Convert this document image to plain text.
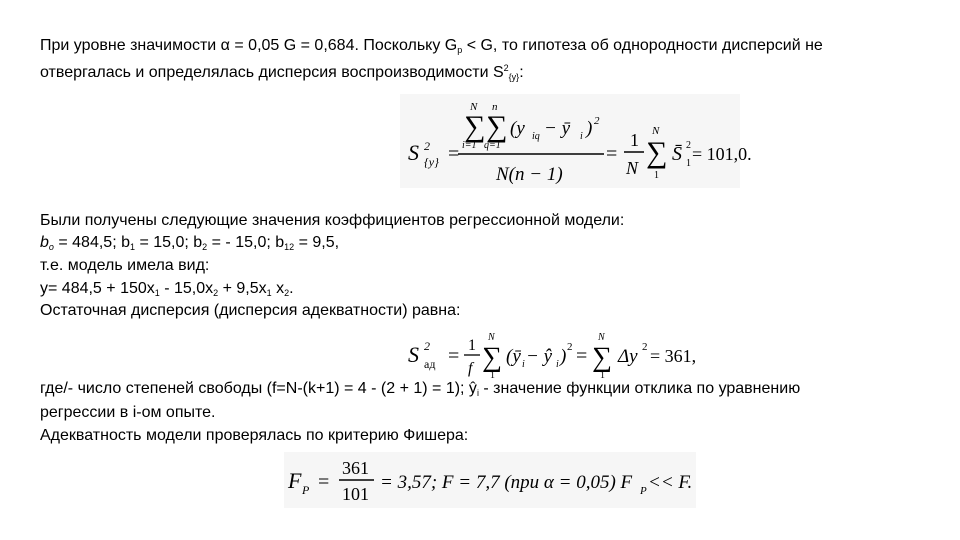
При уровне значимости α = 0,05 G = 0,684. Поскольку $G_р < G$, то гипотеза об однородности дисперсий не
отвергалась и определялась дисперсия воспроизводимости $S^2_{\{y\}}$:
S 2
{y} =
N
∑
i=1
n
∑
q=1
(y iq − ȳ i ) 2
N(n − 1)
=
1
N
N
∑
1
S̄ 1
2 = 101,0.
Были получены следующие значения коэффициентов регрессионной модели:
$b_o = 484,5$; $b_1 = 15,0$; $b_2$ = - 15,0; $b_{12} = 9,5$,
т.е. модель имела вид:
$y= 484,5 + 150x_1 - 15,0x_2 + 9,5x_1$ $x_2$.
Остаточная дисперсия (дисперсия адекватности) равна:
S 2
ад = 1
f
N
∑
1
(ȳ i − ŷ i ) 2 =
N
∑
1
Δy 2 = 361,
где/- число степеней свободы (f=N-(k+1) = 4 - (2 + 1) = 1); $ŷ_i$ - значение функции отклика по уравнению
регрессии в i-ом опыте.
Адекватность модели проверялась по критерию Фишера:
F P =
361
101
= 3,57; F = 7,7 (при α = 0,05) F P << F.
